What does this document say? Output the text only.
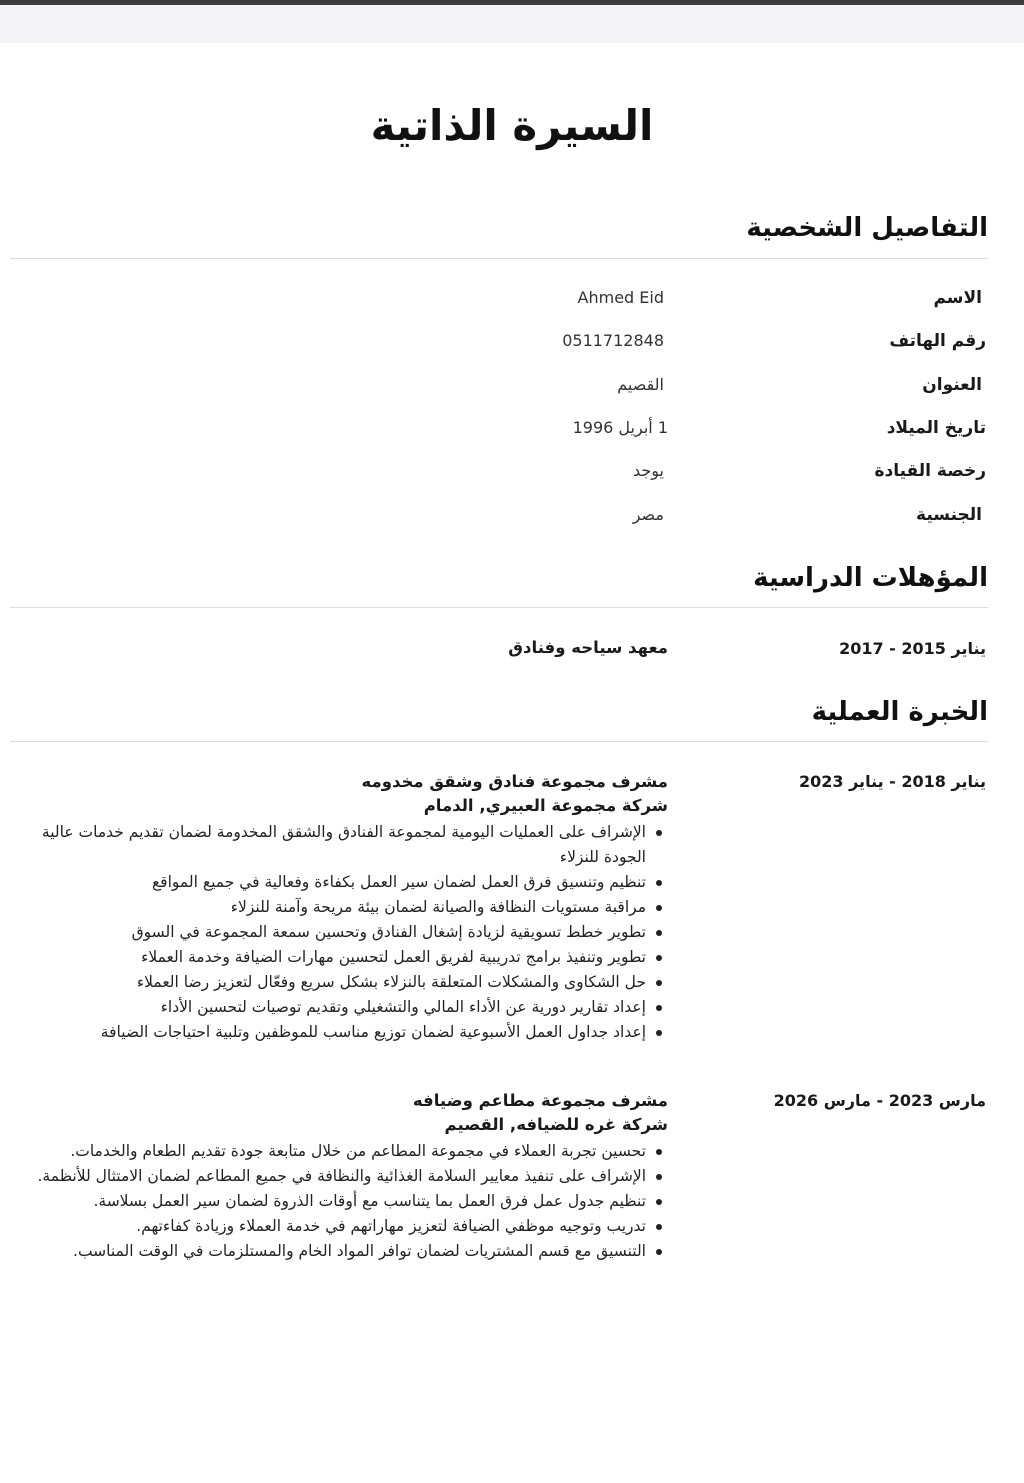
السيرة الذاتية
التفاصيل الشخصية
الاسم
Ahmed Eid
رقم الهاتف
0511712848
العنوان
القصيم
تاريخ الميلاد
1 أبريل 1996
رخصة القيادة
يوجد
الجنسية
مصر
المؤهلات الدراسية
يناير 2015 - 2017
معهد سياحه وفنادق
الخبرة العملية
يناير 2018 - يناير 2023
مشرف مجموعة فنادق وشقق مخدومه
شركة مجموعة العبيري, الدمام
الإشراف على العمليات اليومية لمجموعة الفنادق والشقق المخدومة لضمان تقديم خدمات عالية الجودة للنزلاء
تنظيم وتنسيق فرق العمل لضمان سير العمل بكفاءة وفعالية في جميع المواقع
مراقبة مستويات النظافة والصيانة لضمان بيئة مريحة وآمنة للنزلاء
تطوير خطط تسويقية لزيادة إشغال الفنادق وتحسين سمعة المجموعة في السوق
تطوير وتنفيذ برامج تدريبية لفريق العمل لتحسين مهارات الضيافة وخدمة العملاء
حل الشكاوى والمشكلات المتعلقة بالنزلاء بشكل سريع وفعّال لتعزيز رضا العملاء
إعداد تقارير دورية عن الأداء المالي والتشغيلي وتقديم توصيات لتحسين الأداء
إعداد جداول العمل الأسبوعية لضمان توزيع مناسب للموظفين وتلبية احتياجات الضيافة
مارس 2023 - مارس 2026
مشرف مجموعة مطاعم وضيافه
شركة غره للضيافه, القصيم
تحسين تجربة العملاء في مجموعة المطاعم من خلال متابعة جودة تقديم الطعام والخدمات.
الإشراف على تنفيذ معايير السلامة الغذائية والنظافة في جميع المطاعم لضمان الامتثال للأنظمة.
تنظيم جدول عمل فرق العمل بما يتناسب مع أوقات الذروة لضمان سير العمل بسلاسة.
تدريب وتوجيه موظفي الضيافة لتعزيز مهاراتهم في خدمة العملاء وزيادة كفاءتهم.
التنسيق مع قسم المشتريات لضمان توافر المواد الخام والمستلزمات في الوقت المناسب.
